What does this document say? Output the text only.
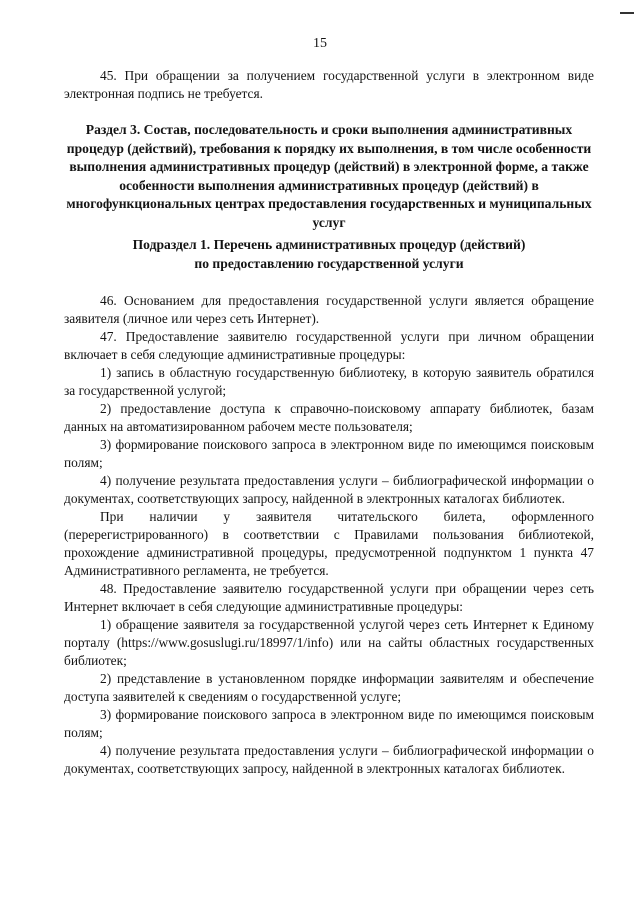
15
45. При обращении за получением государственной услуги в электронном виде электронная подпись не требуется.
Раздел 3. Состав, последовательность и сроки выполнения административных процедур (действий), требования к порядку их выполнения, в том числе особенности выполнения административных процедур (действий) в электронной форме, а также особенности выполнения административных процедур (действий) в многофункциональных центрах предоставления государственных и муниципальных услуг
Подраздел 1. Перечень административных процедур (действий)
по предоставлению государственной услуги

46. Основанием для предоставления государственной услуги является обращение заявителя (личное или через сеть Интернет).

47. Предоставление заявителю государственной услуги при личном обращении включает в себя следующие административные процедуры:

1) запись в областную государственную библиотеку, в которую заявитель обратился за государственной услугой;

2) предоставление доступа к справочно-поисковому аппарату библиотек, базам данных на автоматизированном рабочем месте пользователя;

3) формирование поискового запроса в электронном виде по имеющимся поисковым полям;

4) получение результата предоставления услуги – библиографической информации о документах, соответствующих запросу, найденной в электронных каталогах библиотек.

При наличии у заявителя читательского билета, оформленного (перерегистрированного) в соответствии с Правилами пользования библиотекой, прохождение административной процедуры, предусмотренной подпунктом 1 пункта 47 Административного регламента, не требуется.

48. Предоставление заявителю государственной услуги при обращении через сеть Интернет включает в себя следующие административные процедуры:

1) обращение заявителя за государственной услугой через сеть Интернет к Единому порталу (https://www.gosuslugi.ru/18997/1/info) или на сайты областных государственных библиотек;

2) представление в установленном порядке информации заявителям и обеспечение доступа заявителей к сведениям о государственной услуге;

3) формирование поискового запроса в электронном виде по имеющимся поисковым полям;

4) получение результата предоставления услуги – библиографической информации о документах, соответствующих запросу, найденной в электронных каталогах библиотек.
